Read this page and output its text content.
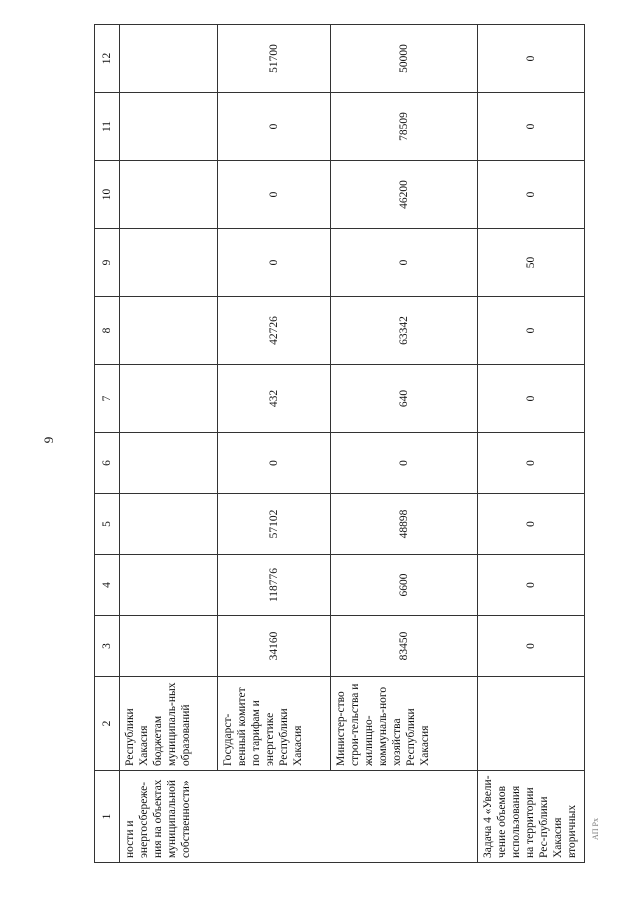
9
1	2	3	4	5	6	7	8	9	10	11	12
ности и энергосбереже-ния на объектах муниципальной собственности»	Республики Хакасия бюджетам муниципаль-ных образований										
	Государст-венный комитет по тарифам и энергетике Республики Хакасия	34160	118776	57102	0	432	42726	0	0	0	51700
	Министер-ство строи-тельства и жилищно-коммуналь-ного хозяйства Республики Хакасия	83450	6600	48898	0	640	63342	0	46200	78509	50000
Задача 4 «Увели-чение объемов использования на территории Рес-публики Хакасия вторичных		0	0	0	0	0	0	50	0	0	0
АП Рх
